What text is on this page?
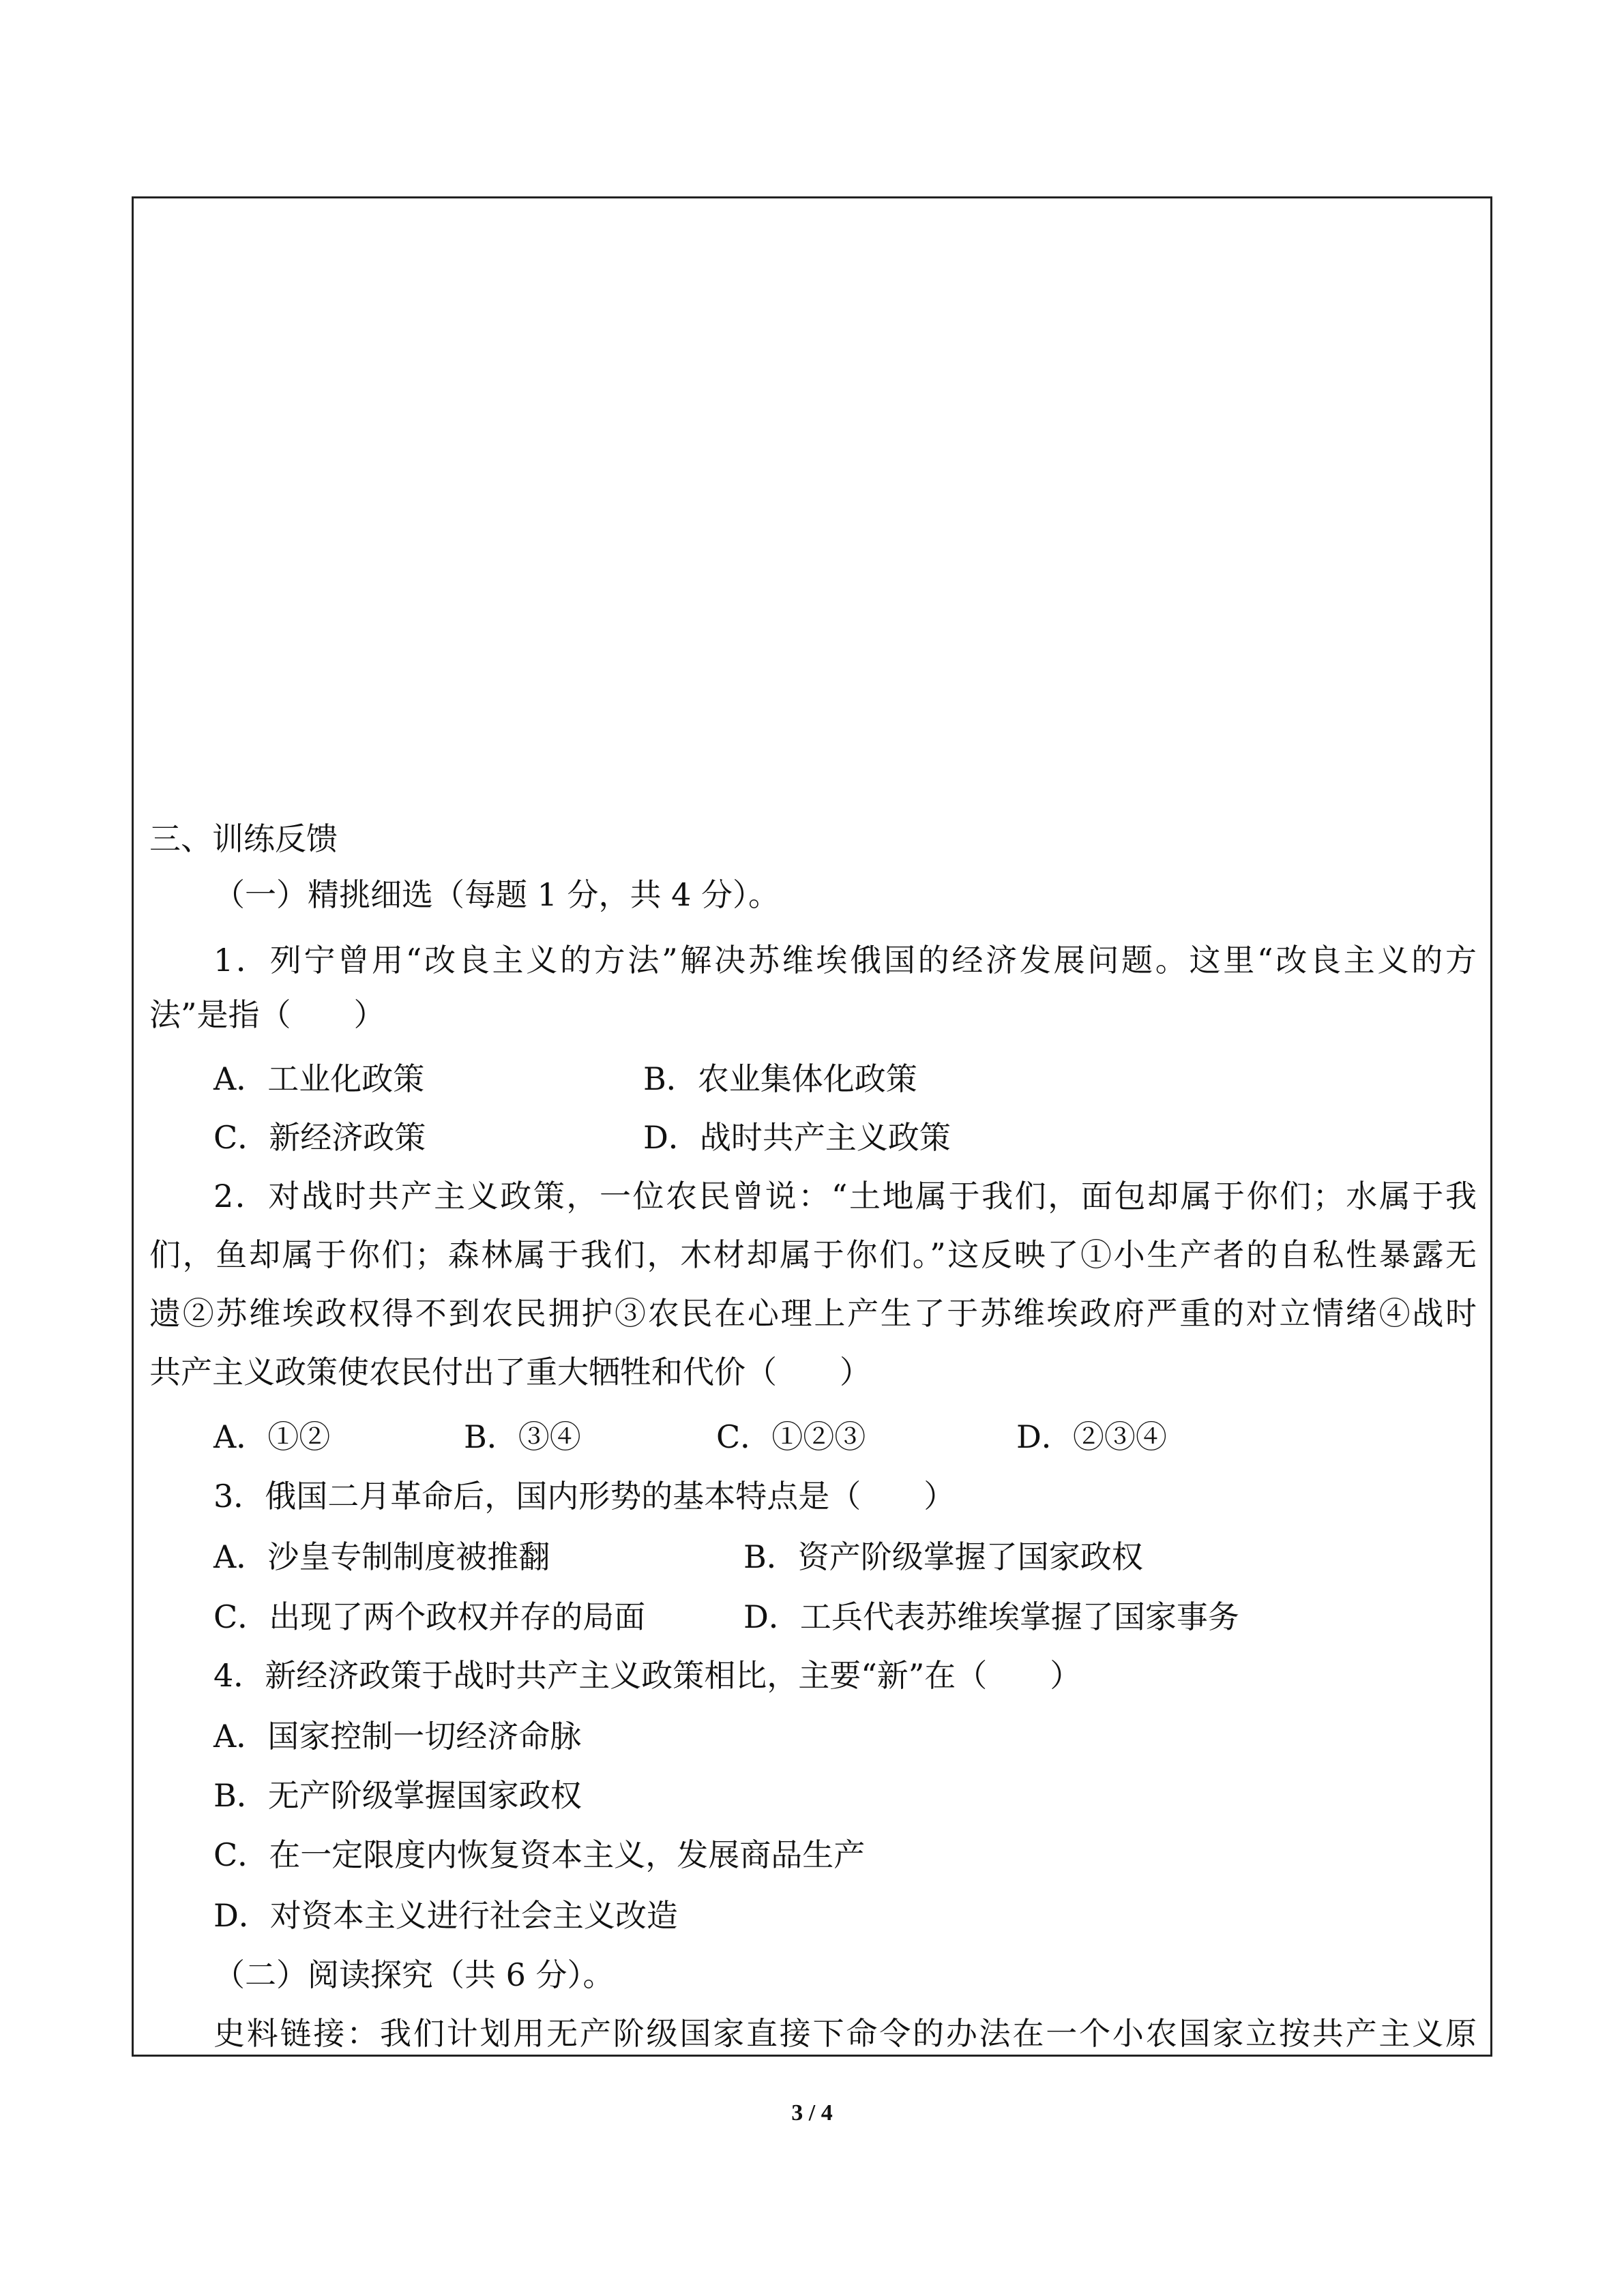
三、训练反馈
（一）精挑细选（每题 1 分，共 4 分）。
1．列宁曾用“改良主义的方法”解决苏维埃俄国的经济发展问题。这里“改良主义的方
法”是指（　　）
A．工业化政策	B．农业集体化政策
C．新经济政策	D．战时共产主义政策
2．对战时共产主义政策，一位农民曾说：“土地属于我们，面包却属于你们；水属于我
们，鱼却属于你们；森林属于我们，木材却属于你们。”这反映了①小生产者的自私性暴露无
遗②苏维埃政权得不到农民拥护③农民在心理上产生了于苏维埃政府严重的对立情绪④战时
共产主义政策使农民付出了重大牺牲和代价（　　）
A．①②	B．③④	C．①②③	D．②③④
3．俄国二月革命后，国内形势的基本特点是（　　）
A．沙皇专制制度被推翻	B．资产阶级掌握了国家政权
C．出现了两个政权并存的局面	D．工兵代表苏维埃掌握了国家事务
4．新经济政策于战时共产主义政策相比，主要“新”在（　　）
A．国家控制一切经济命脉
B．无产阶级掌握国家政权
C．在一定限度内恢复资本主义，发展商品生产
D．对资本主义进行社会主义改造
（二）阅读探究（共 6 分）。
史料链接：我们计划用无产阶级国家直接下命令的办法在一个小农国家立按共产主义原
3 / 4
